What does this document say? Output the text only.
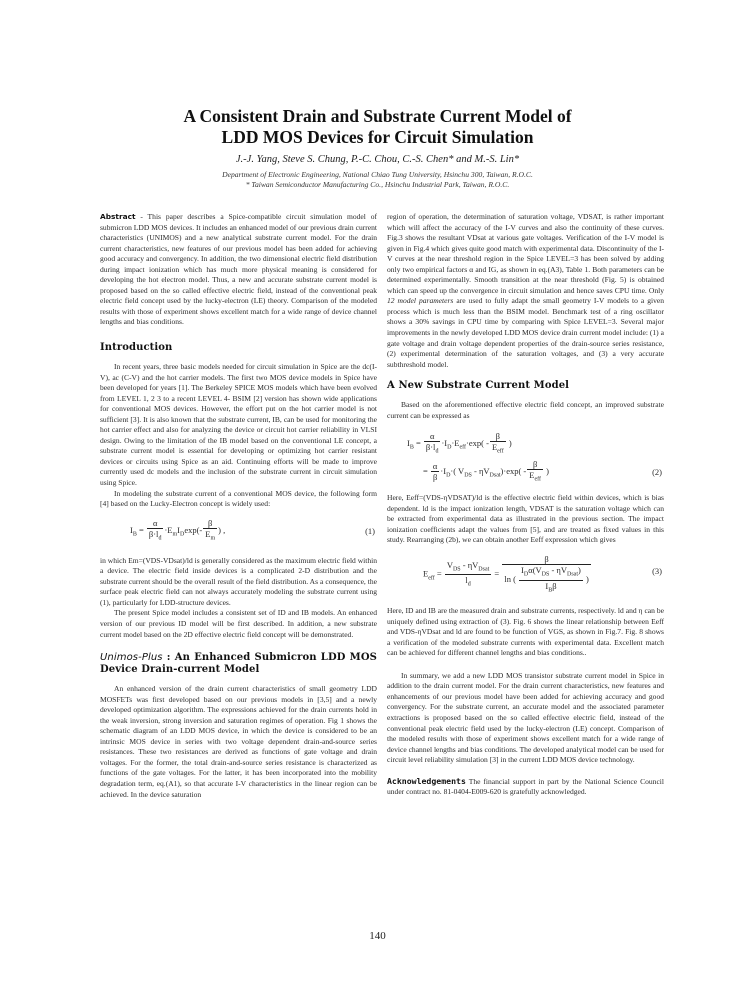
A Consistent Drain and Substrate Current Model of
LDD MOS Devices for Circuit Simulation
J.-J. Yang, Steve S. Chung, P.-C. Chou, C.-S. Chen* and M.-S. Lin*
Department of Electronic Engineering, National Chiao Tung University, Hsinchu 300, Taiwan, R.O.C.
* Taiwan Semiconductor Manufacturing Co., Hsinchu Industrial Park, Taiwan, R.O.C.

Abstract - This paper describes a Spice-compatible circuit simulation model of submicron LDD MOS devices. It includes an enhanced model of our previous drain current characteristics (UNIMOS) and a new analytical substrate current model. For the drain current characteristics, new features of our previous model has been added for achieving good accuracy and convergency. In addition, the two dimensional electric field distribution during impact ionization which has much more physical meaning is considered for developing the hot electron model. Thus, a new and accurate substrate current model is proposed based on the so called effective electric field, instead of the conventional peak electric field concept used by the lucky-electron (LE) theory. Comparison of the modeled results with those of experiment shows excellent match for a wide range of device channel lengths and bias conditions.

Introduction

In recent years, three basic models needed for circuit simulation in Spice are the dc(I-V), ac (C-V) and the hot carrier models. The first two MOS device models in Spice have been developed for years [1]. The Berkeley SPICE MOS models which have been evolved from LEVEL 1, 2 3 to a recent LEVEL 4- BSIM [2] version has shown wide applications for conventional MOS devices. However, the effort put on the hot carrier model is not sufficient [3]. It is also known that the substrate current, IB, can be used for monitoring the hot carrier effect and also for analyzing the device or circuit hot carrier reliability in VLSI design. Owing to the limitation of the IB model based on the conventional LE concept, a substrate current model is essential for developing or optimizing hot carrier resistant devices or circuits using Spice as an aid. Continuing efforts will be made to improve currently used dc models and the inclusion of the substrate current in circuit simulation using Spice.

In modeling the substrate current of a conventional MOS device, the following form [4] based on the Lucky-Electron concept is widely used:

$I_B = \frac{\alpha}{\beta\cdot l_d} \cdot E_mI_D\exp(- \frac{\beta}{E_m}$ ) ,	(1)

in which Em=(VDS-VDsat)/ld is generally considered as the maximum electric field within a device. The electric field inside devices is a complicated 2-D distribution and the substrate current should be the overall result of the field distribution. As a consequence, the surface peak electric field can not always accurately modeling the substrate current using (1), particularly for LDD-structure devices.

The present Spice model includes a consistent set of ID and IB models. An enhanced version of our previous ID model will be first described. In addition, a new substrate current model based on the 2D effective electric field concept will be demonstrated.

Unimos-Plus : An Enhanced Submicron LDD MOS Device Drain-current Model

An enhanced version of the drain current characteristics of small geometry LDD MOSFETs was first developed based on our previous models in [3,5] and a newly developed optimization algorithm. The expressions achieved for the drain currents hold in the weak inversion, strong inversion and saturation regimes of operation. Fig 1 shows the schematic diagram of an LDD MOS device, in which the device is considered to be an intrinsic MOS device in series with two voltage dependent drain-and-source series resistances. These two resistances are derived as functions of gate voltage and drain voltages. For the former, the total drain-and-source series resistance is characterized as functions of the gate voltages. For the latter, it has been incorporated into the mobility degradation term, eq.(A1), so that accurate I-V characteristics in the linear region can be achieved. In the device saturation

region of operation, the determination of saturation voltage, VDSAT, is rather important which will affect the accuracy of the I-V curves and also the continuity of these curves. Fig.3 shows the resultant VDsat at various gate voltages. Verification of the I-V model is given in Fig.4 which gives quite good match with experimental data. Discontinuity of the I-V curves at the near threshold region in the Spice LEVEL=3 has been solved by adding only two empirical factors α and IG, as shown in eq.(A3), Table 1. Both parameters can be determined experimentally. Smooth transition at the near threshold (Fig. 5) is obtained which can speed up the convergence in circuit simulation and hence saves CPU time. Only 12 model parameters are used to fully adapt the small geometry I-V models to a given process which is much less than the BSIM model. Benchmark test of a ring oscillator shows a 30% savings in CPU time by comparing with Spice LEVEL=3. Several major improvements in the newly developed LDD MOS device drain current model include: (1) a gate voltage and drain voltage dependent properties of the drain-source series resistance, (2) experimental determination of the saturation voltages, and (3) a very accurate subthreshold model.

A New Substrate Current Model

Based on the aforementioned effective electric field concept, an improved substrate current can be expressed as

$I_B = \frac{\alpha}{\beta\cdot l_d} \cdot I_D\cdot E_{eff}\cdot\exp( - \frac{\beta}{E_{eff}}$ )
= $\frac{\alpha}{\beta} \cdot I_D\cdot$( $V_{DS} - \eta V_{Dsat})\cdot\exp( - \frac{\beta}{E_{eff}}$ )	(2)

Here, Eeff=(VDS-ηVDSAT)/ld is the effective electric field within devices, which is bias dependent. ld is the impact ionization length, VDSAT is the saturation voltage which can be extracted from experimental data as illustrated in the previous section. The impact ionization coefficients adapt the values from [5], and are treated as fixed values in this study. Rearranging (2b), we can obtain another Eeff expression which gives

$E_{eff} = \frac{V_{DS} - \eta V_{Dsat}}{l_d} = \frac{\beta}{\ln ( \frac{I_D\alpha(V_{DS} - \eta V_{Dsat})}{I_B\beta} )}$	(3)

Here, ID and IB are the measured drain and substrate currents, respectively. ld and η can be uniquely defined using extraction of (3). Fig. 6 shows the linear relationship between Eeff and VDS-ηVDsat and ld are found to be function of VGS, as shown in Fig.7. Fig. 8 shows a verification of the modeled substrate currents with experimental data. Excellent match can be achieved for different channel lengths and bias conditions..

In summary, we add a new LDD MOS transistor substrate current model in Spice in addition to the drain current model. For the drain current characteristics, new features and enhancements of our previous model have been added for achieving accuracy and good convergency. For the substrate current, an accurate model and the associated parameter extractions is proposed based on the so called effective electric field, instead of the conventional peak electric field used by the lucky-electron (LE) concept. Comparison of the modeled results with those of experiment shows excellent match for a wide range of device channel lengths and bias conditions. The developed analytical model can be used for circuit level reliability simulation [3] in the current LDD MOS device technology.

Acknowledgements The financial support in part by the National Science Council under contract no. 81-0404-E009-620 is gratefully acknowledged.

140
